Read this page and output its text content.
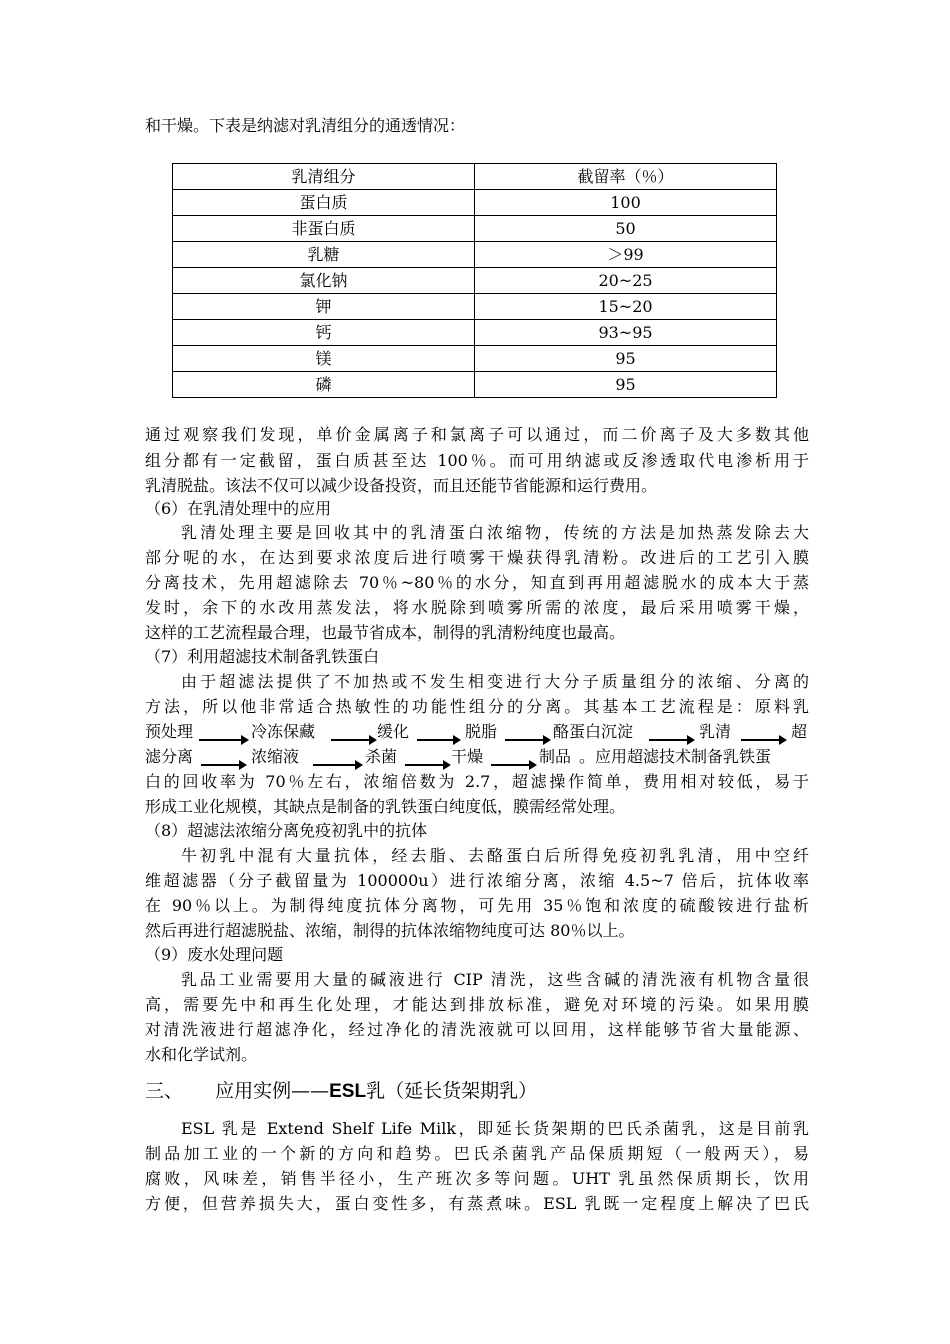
和干燥。下表是纳滤对乳清组分的通透情况：
乳清组分	截留率（％）
蛋白质	100
非蛋白质	50
乳糖	＞99
氯化钠	20~25
钾	15~20
钙	93~95
镁	95
磷	95
通过观察我们发现，单价金属离子和氯离子可以通过，而二价离子及大多数其他
组分都有一定截留，蛋白质甚至达 100％。而可用纳滤或反渗透取代电渗析用于
乳清脱盐。该法不仅可以减少设备投资，而且还能节省能源和运行费用。
（6）在乳清处理中的应用
乳清处理主要是回收其中的乳清蛋白浓缩物，传统的方法是加热蒸发除去大
部分呢的水，在达到要求浓度后进行喷雾干燥获得乳清粉。改进后的工艺引入膜
分离技术，先用超滤除去 70％~80％的水分，知直到再用超滤脱水的成本大于蒸
发时，余下的水改用蒸发法，将水脱除到喷雾所需的浓度，最后采用喷雾干燥，
这样的工艺流程最合理，也最节省成本，制得的乳清粉纯度也最高。
（7）利用超滤技术制备乳铁蛋白
由于超滤法提供了不加热或不发生相变进行大分子质量组分的浓缩、分离的
方法，所以他非常适合热敏性的功能性组分的分离。其基本工艺流程是：原料乳
预处理	冷冻保藏	缓化	脱脂	酪蛋白沉淀	乳清	超
滤分离	浓缩液	杀菌	干燥	制品 。应用超滤技术制备乳铁蛋
白的回收率为 70％左右，浓缩倍数为 2.7，超滤操作简单，费用相对较低，易于
形成工业化规模，其缺点是制备的乳铁蛋白纯度低，膜需经常处理。
（8）超滤法浓缩分离免疫初乳中的抗体
牛初乳中混有大量抗体，经去脂、去酪蛋白后所得免疫初乳乳清，用中空纤
维超滤器（分子截留量为 100000u）进行浓缩分离，浓缩 4.5~7 倍后，抗体收率
在 90％以上。为制得纯度抗体分离物，可先用 35％饱和浓度的硫酸铵进行盐析
然后再进行超滤脱盐、浓缩，制得的抗体浓缩物纯度可达 80％以上。
（9）废水处理问题
乳品工业需要用大量的碱液进行 CIP 清洗，这些含碱的清洗液有机物含量很
高，需要先中和再生化处理，才能达到排放标准，避免对环境的污染。如果用膜
对清洗液进行超滤净化，经过净化的清洗液就可以回用，这样能够节省大量能源、
水和化学试剂。
三、 应用实例——ESL乳（延长货架期乳）
ESL 乳是 Extend Shelf Life Milk，即延长货架期的巴氏杀菌乳，这是目前乳
制品加工业的一个新的方向和趋势。巴氏杀菌乳产品保质期短（一般两天），易
腐败，风味差，销售半径小，生产班次多等问题。UHT 乳虽然保质期长，饮用
方便，但营养损失大，蛋白变性多，有蒸煮味。ESL 乳既一定程度上解决了巴氏
